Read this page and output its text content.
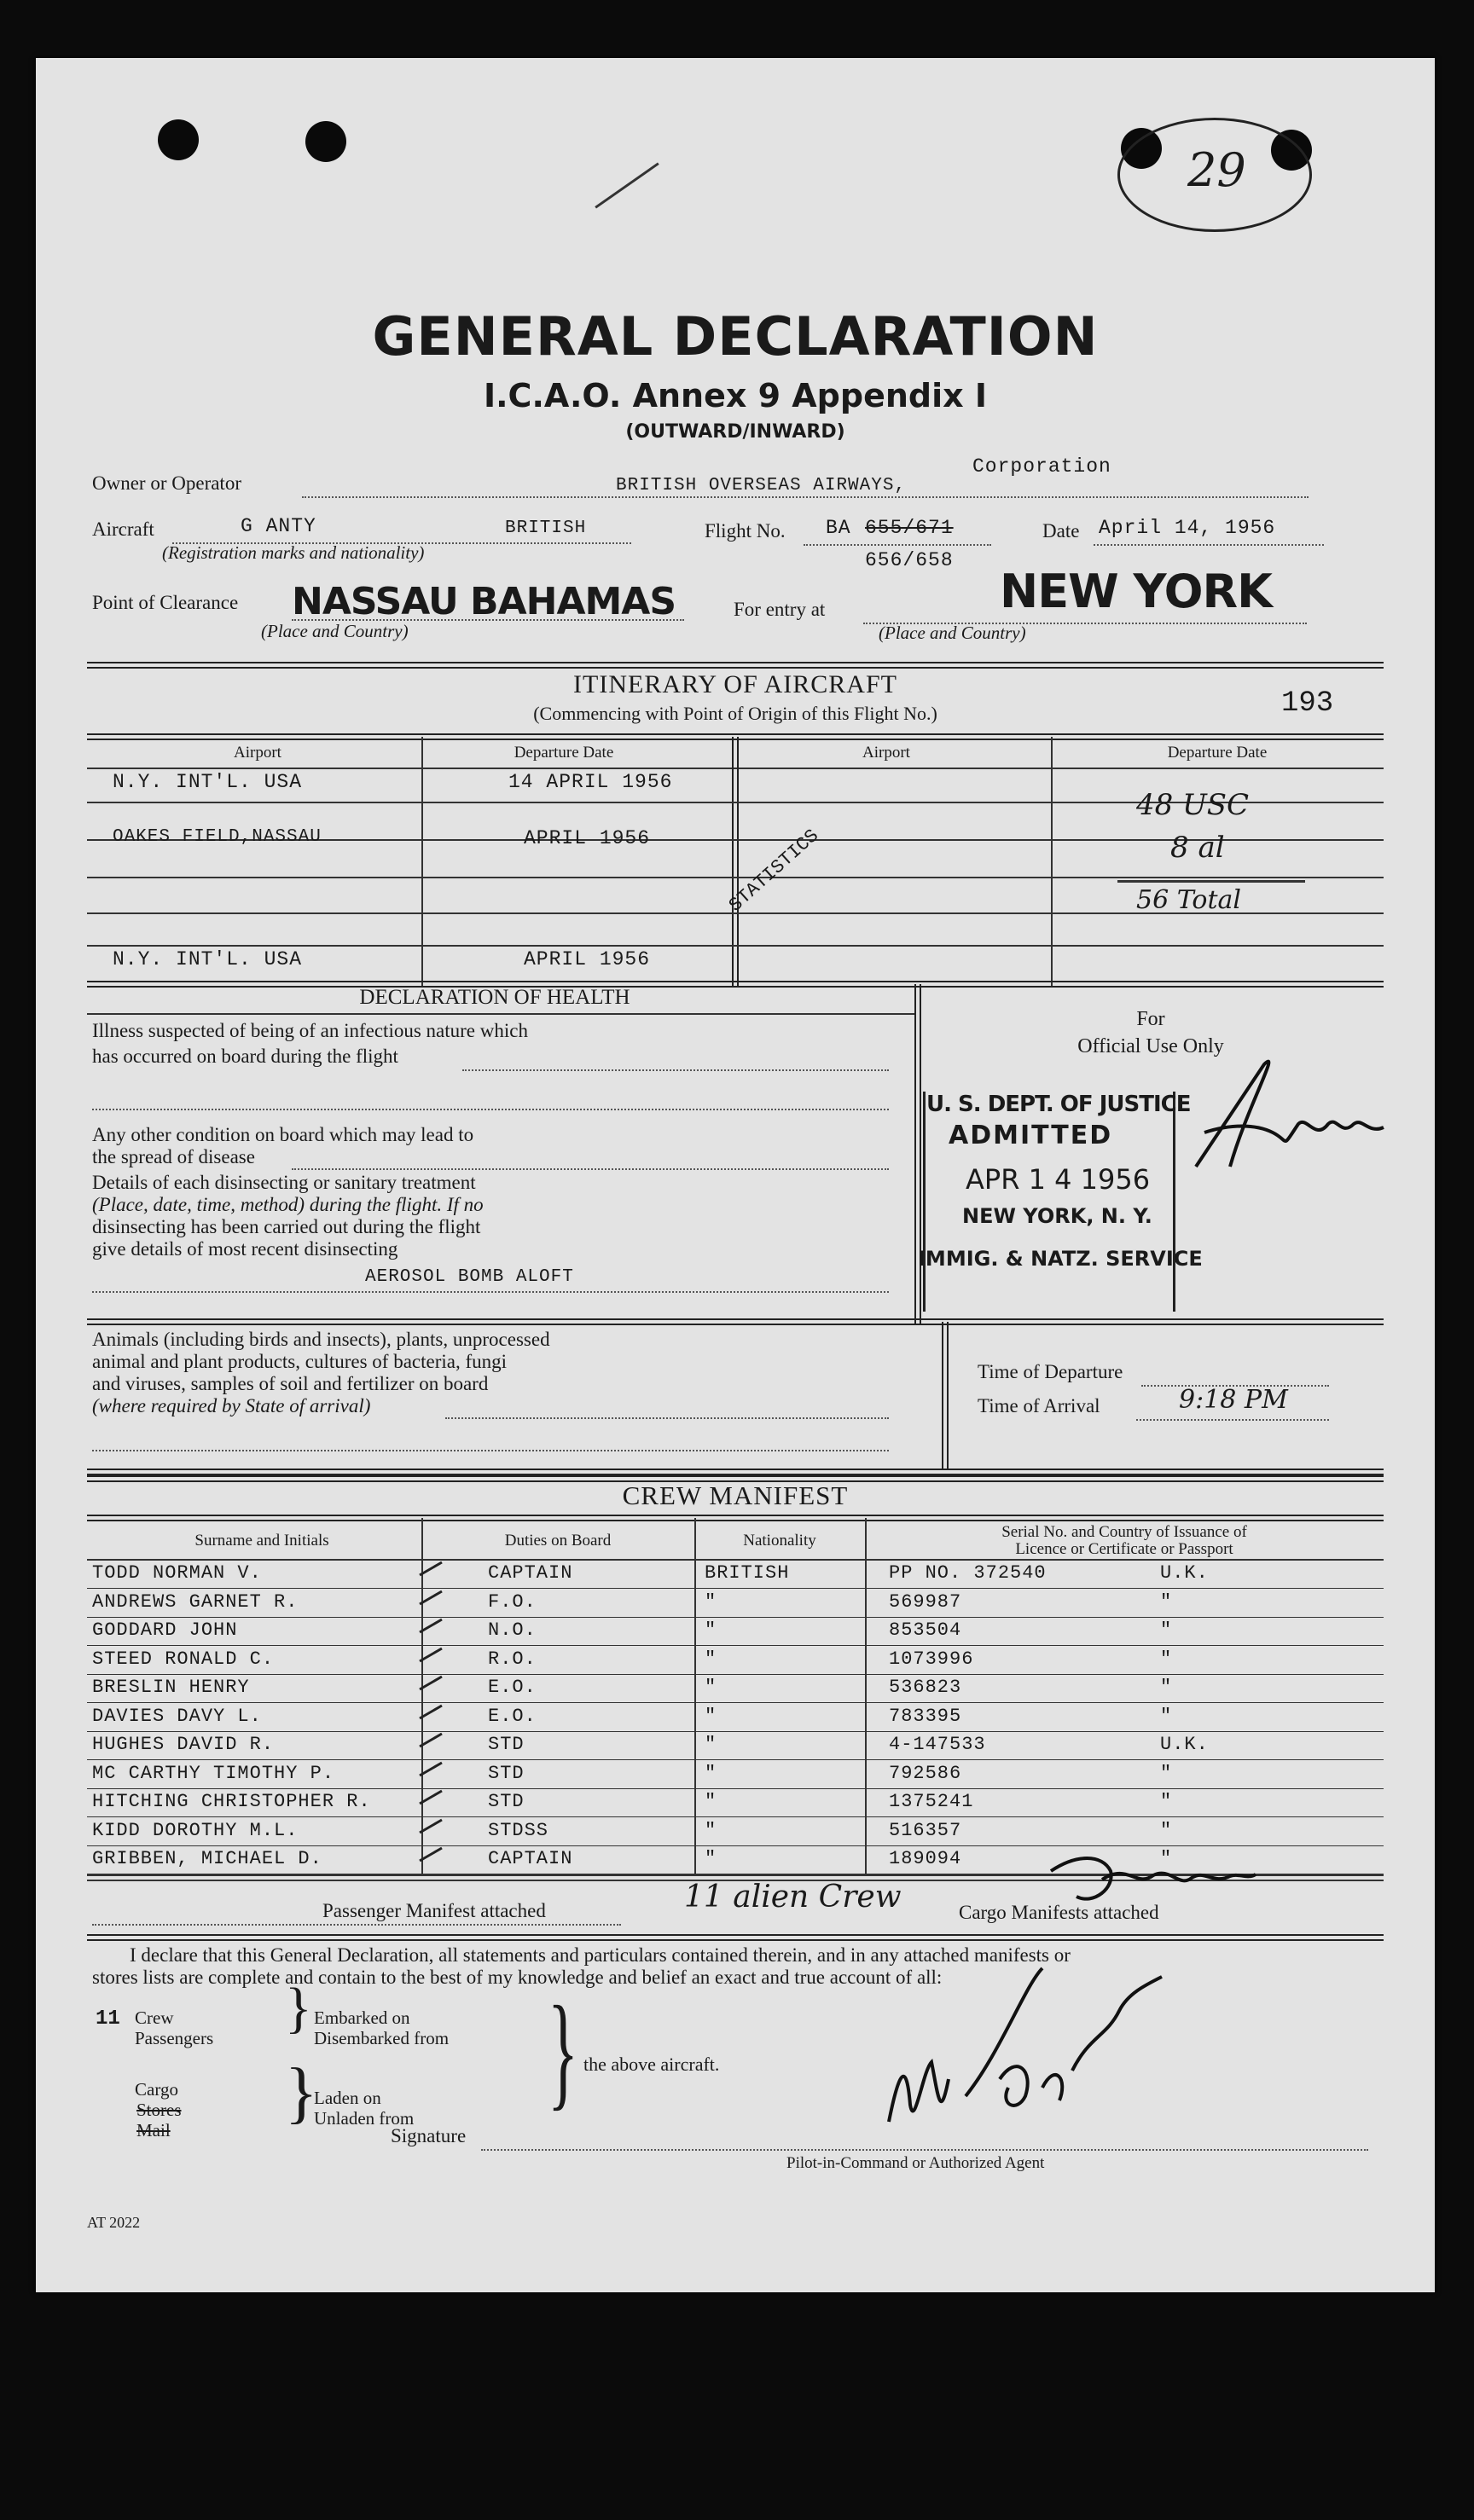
29
GENERAL DECLARATION
I.C.A.O. Annex 9 Appendix I
(OUTWARD/INWARD)
Owner or Operator	BRITISH OVERSEAS AIRWAYS,
Corporation
Aircraft	G ANTY	BRITISH
(Registration marks and nationality)
Flight No. BA 655/671
656/658
Date April 14, 1956
Point of Clearance NASSAU BAHAMAS
(Place and Country)
For entry at	NEW YORK
(Place and Country)
ITINERARY OF AIRCRAFT
(Commencing with Point of Origin of this Flight No.)	193
Airport	Departure Date	Airport	Departure Date
N.Y. INT'L. USA	14 APRIL 1956
OAKES FIELD,NASSAU	APRIL 1956
N.Y. INT'L. USA	APRIL 1956
STATISTICS
48 USC
8 al
56 Total
DECLARATION OF HEALTH
Illness suspected of being of an infectious nature which
has occurred on board during the flight
Any other condition on board which may lead to
the spread of disease
Details of each disinsecting or sanitary treatment
(Place, date, time, method) during the flight. If no
disinsecting has been carried out during the flight
give details of most recent disinsecting
AEROSOL BOMB ALOFT
For
Official Use Only
U. S. DEPT. OF JUSTICE
ADMITTED
APR 1 4 1956
NEW YORK, N. Y.
IMMIG. & NATZ. SERVICE
Animals (including birds and insects), plants, unprocessed
animal and plant products, cultures of bacteria, fungi
and viruses, samples of soil and fertilizer on board
(where required by State of arrival)
Time of Departure
Time of Arrival	9:18 PM
CREW MANIFEST
Surname and Initials	Duties on Board	Nationality	Serial No. and Country of Issuance of
Licence or Certificate or Passport
TODD NORMAN V.	CAPTAIN	BRITISH	PP NO. 372540	U.K.
ANDREWS GARNET R.	F.O.	"	569987	"
GODDARD JOHN	N.O.	"	853504	"
STEED RONALD C.	R.O.	"	1073996	"
BRESLIN HENRY	E.O.	"	536823	"
DAVIES DAVY L.	E.O.	"	783395	"
HUGHES DAVID R.	STD	"	4-147533	U.K.
MC CARTHY TIMOTHY P.	STD	"	792586	"
HITCHING CHRISTOPHER R.	STD	"	1375241	"
KIDD DOROTHY M.L.	STDSS	"	516357	"
GRIBBEN, MICHAEL D.	CAPTAIN	"	189094	"
Passenger Manifest attached	11 alien Crew	Cargo Manifests attached
I declare that this General Declaration, all statements and particulars contained therein, and in any attached manifests or
stores lists are complete and contain to the best of my knowledge and belief an exact and true account of all:
11 Crew
Passengers } Embarked on
Disembarked from
Cargo
Stores
Mail }
Laden on
Unladen from } the above aircraft.
Signature
Pilot-in-Command or Authorized Agent
AT 2022
